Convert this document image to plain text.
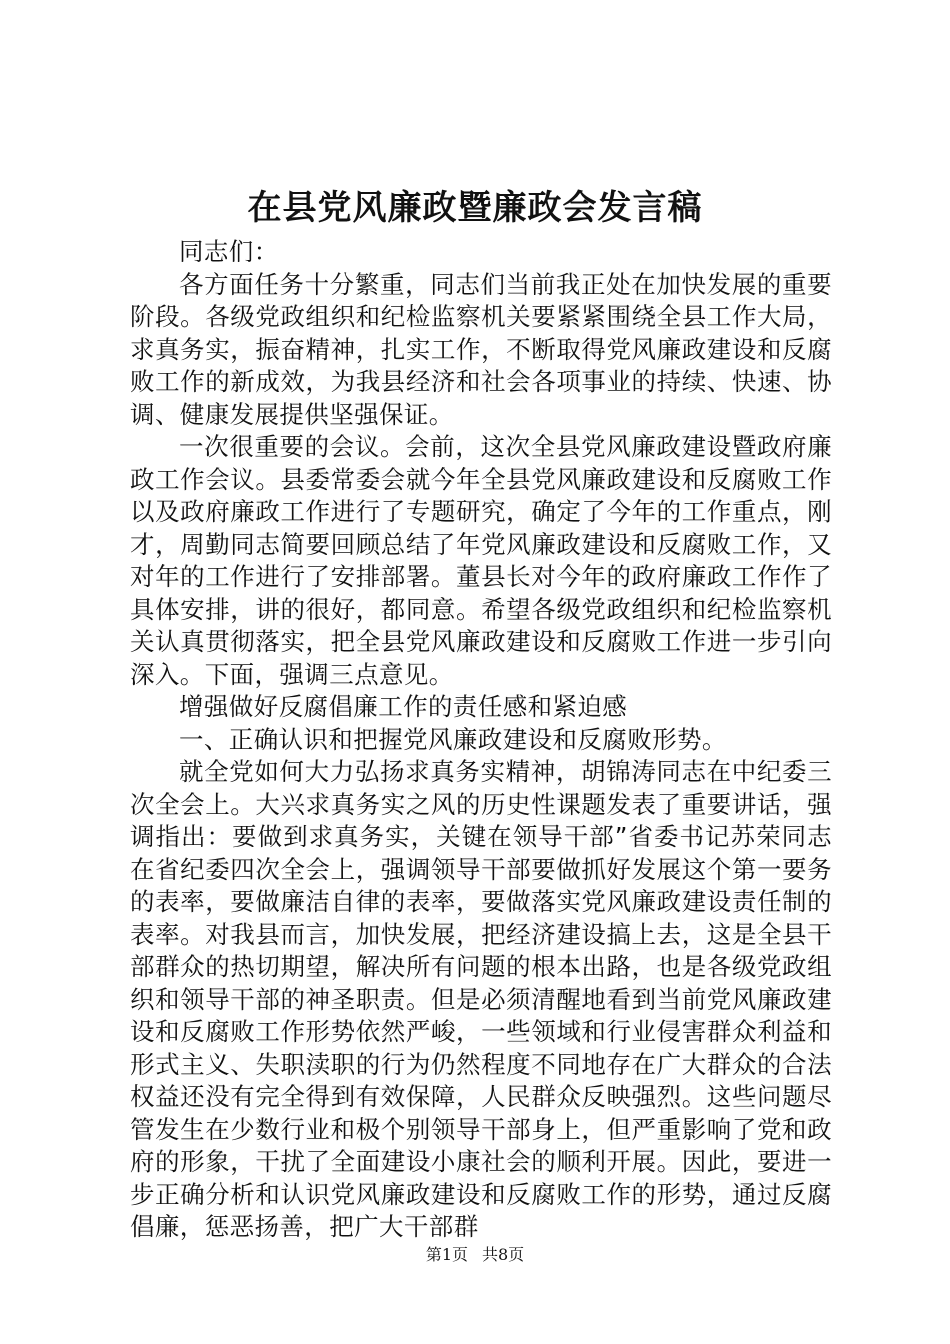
在县党风廉政暨廉政会发言稿

同志们：

各方面任务十分繁重，同志们当前我正处在加快发展的重要阶段。各级党政组织和纪检监察机关要紧紧围绕全县工作大局，求真务实，振奋精神，扎实工作，不断取得党风廉政建设和反腐败工作的新成效，为我县经济和社会各项事业的持续、快速、协调、健康发展提供坚强保证。

一次很重要的会议。会前，这次全县党风廉政建设暨政府廉政工作会议。县委常委会就今年全县党风廉政建设和反腐败工作以及政府廉政工作进行了专题研究，确定了今年的工作重点，刚才，周勤同志简要回顾总结了年党风廉政建设和反腐败工作，又对年的工作进行了安排部署。董县长对今年的政府廉政工作作了具体安排，讲的很好，都同意。希望各级党政组织和纪检监察机关认真贯彻落实，把全县党风廉政建设和反腐败工作进一步引向深入。下面，强调三点意见。

增强做好反腐倡廉工作的责任感和紧迫感

一、正确认识和把握党风廉政建设和反腐败形势。

就全党如何大力弘扬求真务实精神，胡锦涛同志在中纪委三次全会上。大兴求真务实之风的历史性课题发表了重要讲话，强调指出：要做到求真务实，关键在领导干部”省委书记苏荣同志在省纪委四次全会上，强调领导干部要做抓好发展这个第一要务的表率，要做廉洁自律的表率，要做落实党风廉政建设责任制的表率。对我县而言，加快发展，把经济建设搞上去，这是全县干部群众的热切期望，解决所有问题的根本出路，也是各级党政组织和领导干部的神圣职责。但是必须清醒地看到当前党风廉政建设和反腐败工作形势依然严峻，一些领域和行业侵害群众利益和形式主义、失职渎职的行为仍然程度不同地存在广大群众的合法权益还没有完全得到有效保障，人民群众反映强烈。这些问题尽管发生在少数行业和极个别领导干部身上，但严重影响了党和政府的形象，干扰了全面建设小康社会的顺利开展。因此，要进一步正确分析和认识党风廉政建设和反腐败工作的形势，通过反腐倡廉，惩恶扬善，把广大干部群

第1页 共8页
